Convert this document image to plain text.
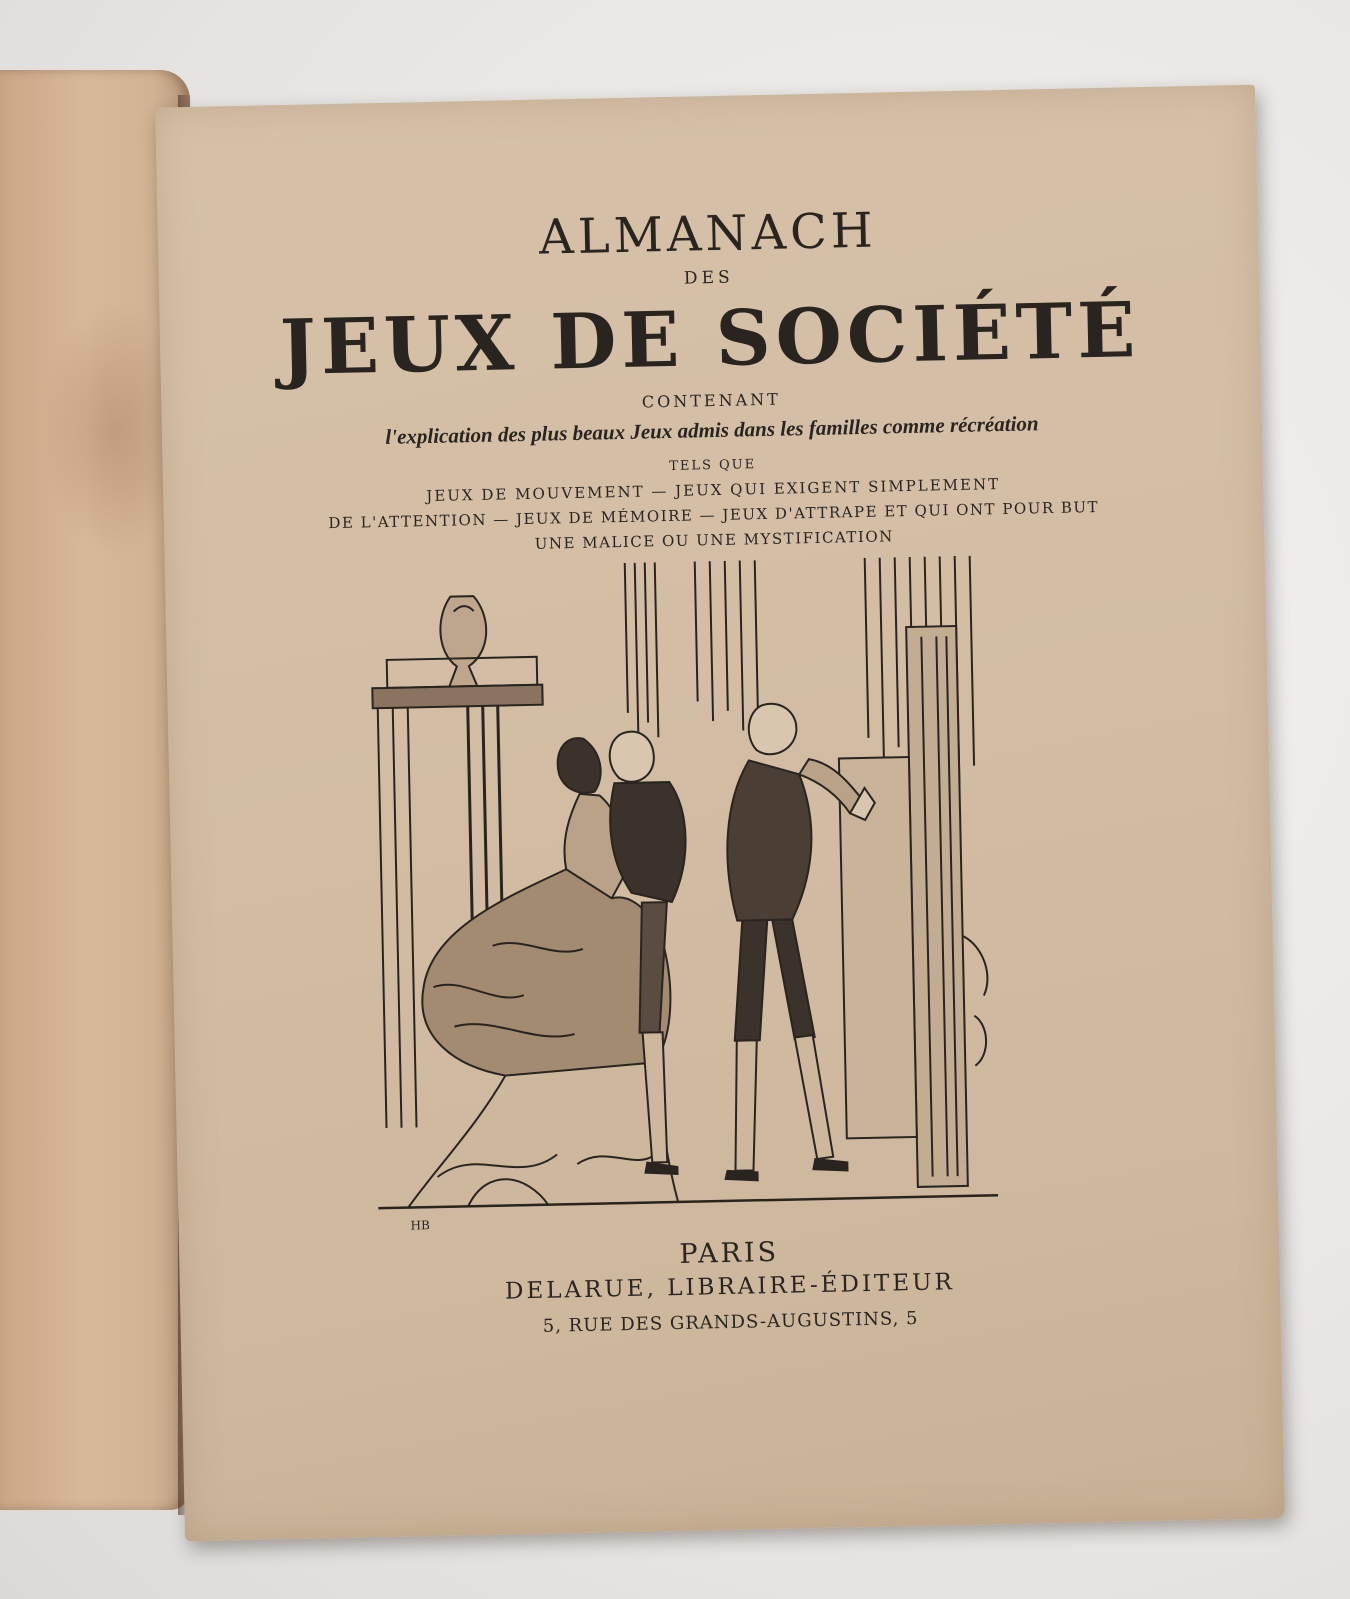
ALMANACH
DES
JEUX DE SOCIÉTÉ
CONTENANT
l'explication des plus beaux Jeux admis dans les familles comme récréation
TELS QUE
JEUX DE MOUVEMENT — JEUX QUI EXIGENT SIMPLEMENT
DE L'ATTENTION — JEUX DE MÉMOIRE — JEUX D'ATTRAPE ET QUI ONT POUR BUT
UNE MALICE OU UNE MYSTIFICATION
HB
PARIS
DELARUE, LIBRAIRE-ÉDITEUR
5, RUE DES GRANDS-AUGUSTINS, 5
